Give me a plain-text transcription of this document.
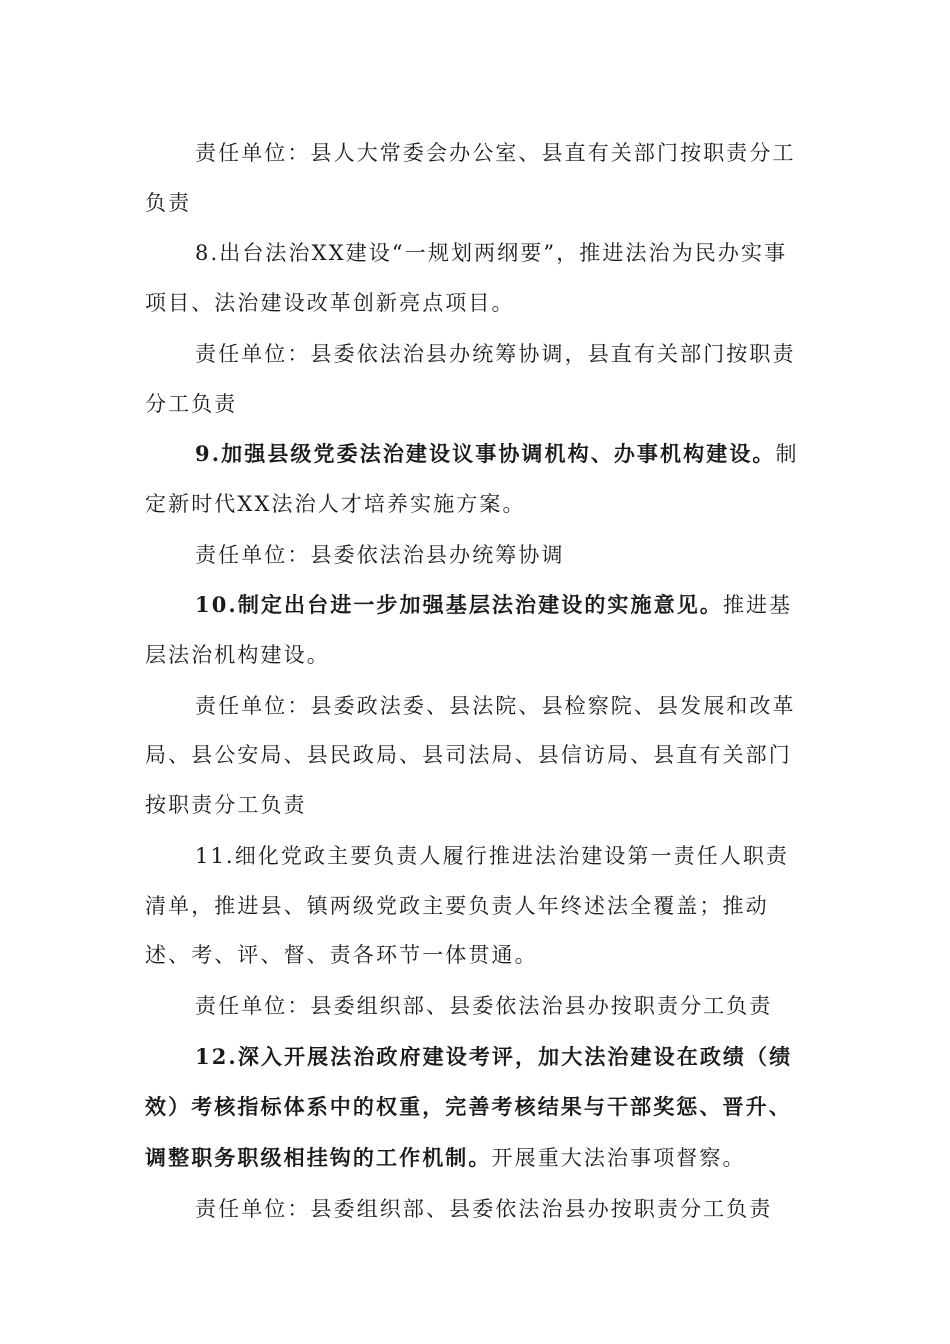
责任单位：县人大常委会办公室、县直有关部门按职责分工负责

8.出台法治XX建设“一规划两纲要”，推进法治为民办实事项目、法治建设改革创新亮点项目。

责任单位：县委依法治县办统筹协调，县直有关部门按职责分工负责

9.加强县级党委法治建设议事协调机构、办事机构建设。制定新时代XX法治人才培养实施方案。

责任单位：县委依法治县办统筹协调

10.制定出台进一步加强基层法治建设的实施意见。推进基层法治机构建设。

责任单位：县委政法委、县法院、县检察院、县发展和改革局、县公安局、县民政局、县司法局、县信访局、县直有关部门按职责分工负责

11.细化党政主要负责人履行推进法治建设第一责任人职责清单，推进县、镇两级党政主要负责人年终述法全覆盖；推动述、考、评、督、责各环节一体贯通。

责任单位：县委组织部、县委依法治县办按职责分工负责

12.深入开展法治政府建设考评，加大法治建设在政绩（绩效）考核指标体系中的权重，完善考核结果与干部奖惩、晋升、调整职务职级相挂钩的工作机制。开展重大法治事项督察。

责任单位：县委组织部、县委依法治县办按职责分工负责
